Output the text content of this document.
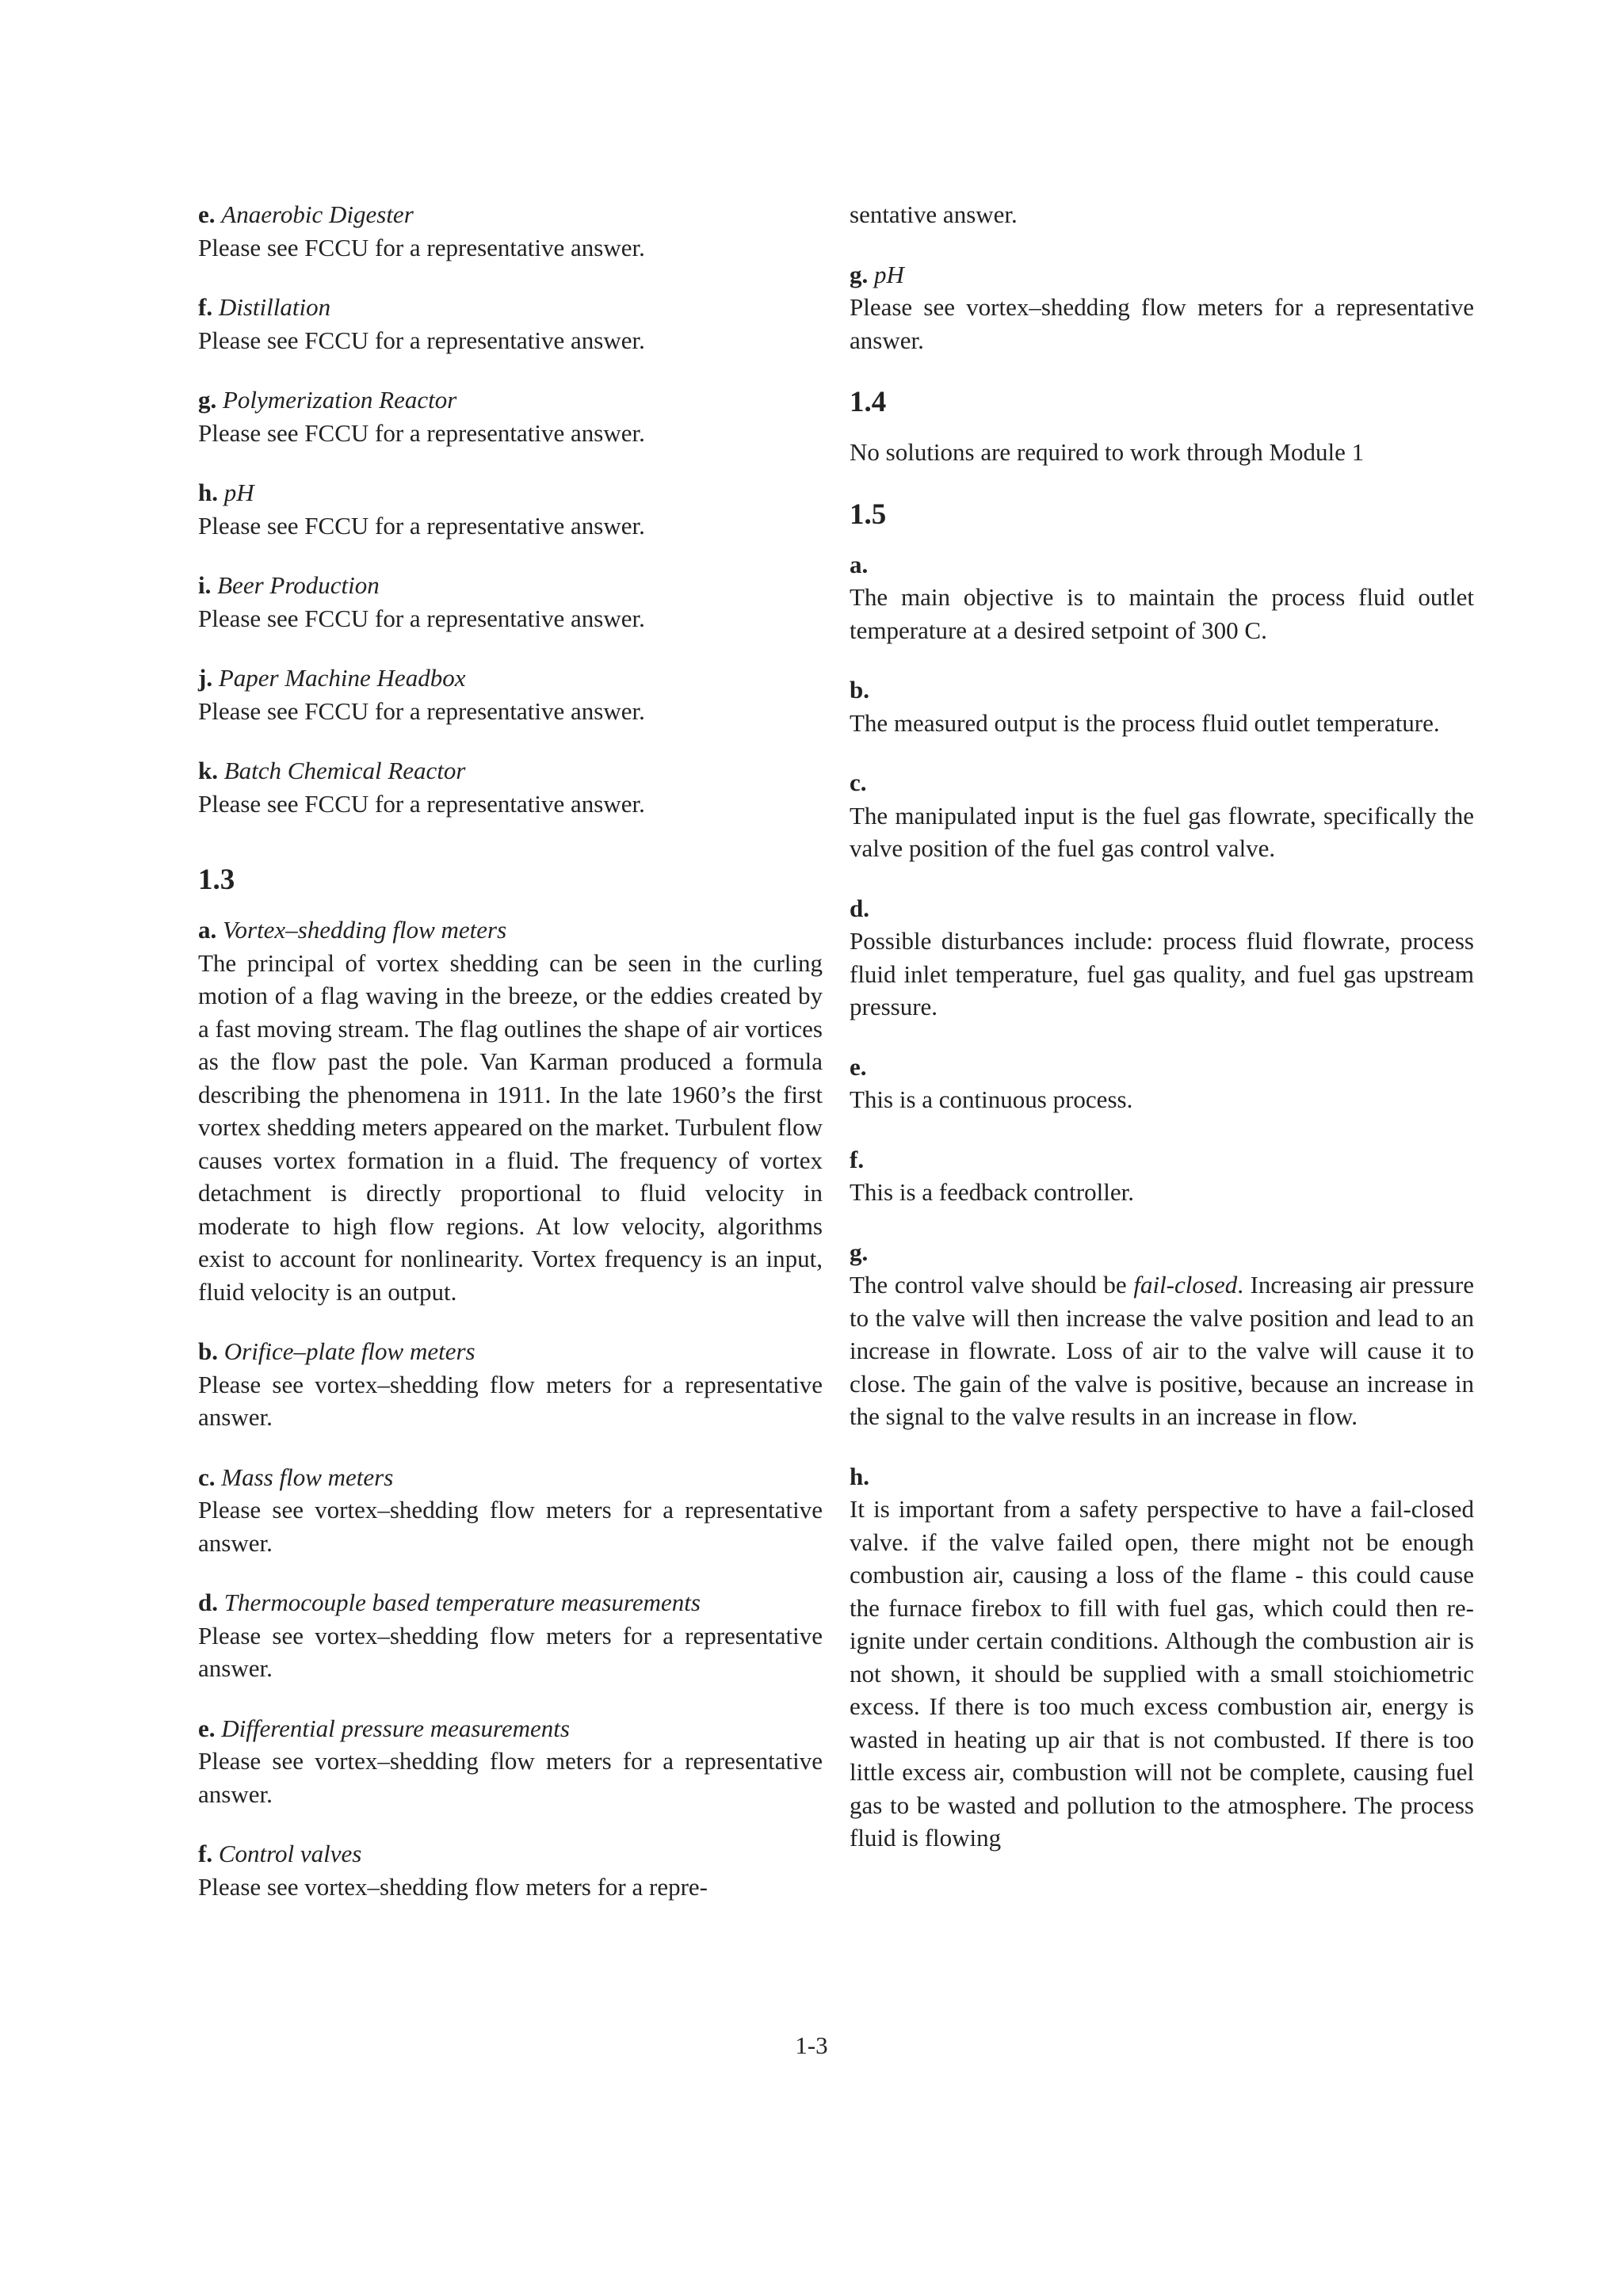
e. Anaerobic Digester

Please see FCCU for a representative answer.

f. Distillation

Please see FCCU for a representative answer.

g. Polymerization Reactor

Please see FCCU for a representative answer.

h. pH

Please see FCCU for a representative answer.

i. Beer Production

Please see FCCU for a representative answer.

j. Paper Machine Headbox

Please see FCCU for a representative answer.

k. Batch Chemical Reactor

Please see FCCU for a representative answer.

1.3

a. Vortex–shedding flow meters

The principal of vortex shedding can be seen in the curling motion of a flag waving in the breeze, or the eddies created by a fast moving stream. The flag outlines the shape of air vortices as the flow past the pole. Van Karman produced a formula describing the phenomena in 1911. In the late 1960’s the first vortex shedding meters appeared on the market. Turbulent flow causes vortex formation in a fluid. The frequency of vortex detachment is directly proportional to fluid velocity in moderate to high flow regions. At low velocity, algorithms exist to account for nonlinearity. Vortex frequency is an input, fluid velocity is an output.

b. Orifice–plate flow meters

Please see vortex–shedding flow meters for a representative answer.

c. Mass flow meters

Please see vortex–shedding flow meters for a representative answer.

d. Thermocouple based temperature measurements

Please see vortex–shedding flow meters for a representative answer.

e. Differential pressure measurements

Please see vortex–shedding flow meters for a representative answer.

f. Control valves

Please see vortex–shedding flow meters for a repre-

sentative answer.

g. pH

Please see vortex–shedding flow meters for a representative answer.

1.4

No solutions are required to work through Module 1

1.5

a.

The main objective is to maintain the process fluid outlet temperature at a desired setpoint of 300 C.

b.

The measured output is the process fluid outlet temperature.

c.

The manipulated input is the fuel gas flowrate, specifically the valve position of the fuel gas control valve.

d.

Possible disturbances include: process fluid flowrate, process fluid inlet temperature, fuel gas quality, and fuel gas upstream pressure.

e.

This is a continuous process.

f.

This is a feedback controller.

g.

The control valve should be fail-closed. Increasing air pressure to the valve will then increase the valve position and lead to an increase in flowrate. Loss of air to the valve will cause it to close. The gain of the valve is positive, because an increase in the signal to the valve results in an increase in flow.

h.

It is important from a safety perspective to have a fail-closed valve. if the valve failed open, there might not be enough combustion air, causing a loss of the flame - this could cause the furnace firebox to fill with fuel gas, which could then re-ignite under certain conditions. Although the combustion air is not shown, it should be supplied with a small stoichiometric excess. If there is too much excess combustion air, energy is wasted in heating up air that is not combusted. If there is too little excess air, combustion will not be complete, causing fuel gas to be wasted and pollution to the atmosphere. The process fluid is flowing

1-3
